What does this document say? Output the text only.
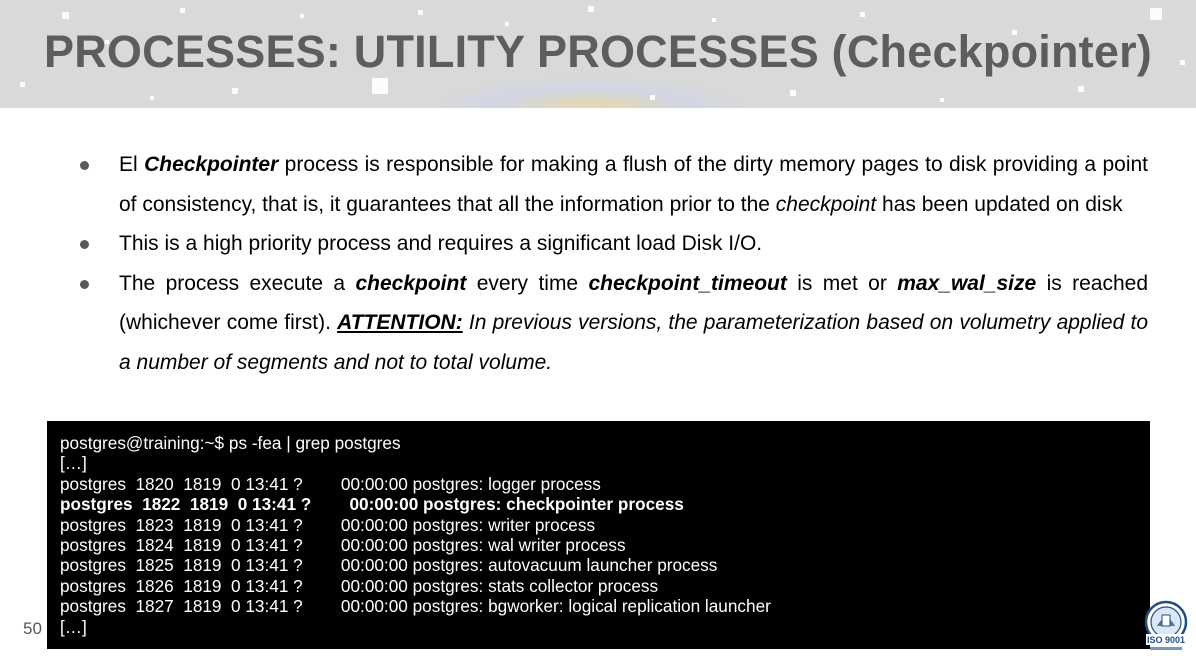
PROCESSES: UTILITY PROCESSES (Checkpointer)
El Checkpointer process is responsible for making a flush of the dirty memory pages to disk providing a point of consistency, that is, it guarantees that all the information prior to the checkpoint has been updated on disk
This is a high priority process and requires a significant load Disk I/O.
The process execute a checkpoint every time checkpoint_timeout is met or max_wal_size is reached (whichever come first). ATTENTION: In previous versions, the parameterization based on volumetry applied to a number of segments and not to total volume.
postgres@training:~$ ps -fea | grep postgres
[…]
postgres  1820  1819  0 13:41 ?        00:00:00 postgres: logger process
postgres  1822  1819  0 13:41 ?        00:00:00 postgres: checkpointer process
postgres  1823  1819  0 13:41 ?        00:00:00 postgres: writer process
postgres  1824  1819  0 13:41 ?        00:00:00 postgres: wal writer process
postgres  1825  1819  0 13:41 ?        00:00:00 postgres: autovacuum launcher process
postgres  1826  1819  0 13:41 ?        00:00:00 postgres: stats collector process
postgres  1827  1819  0 13:41 ?        00:00:00 postgres: bgworker: logical replication launcher
[…]
50
ISO 9001
